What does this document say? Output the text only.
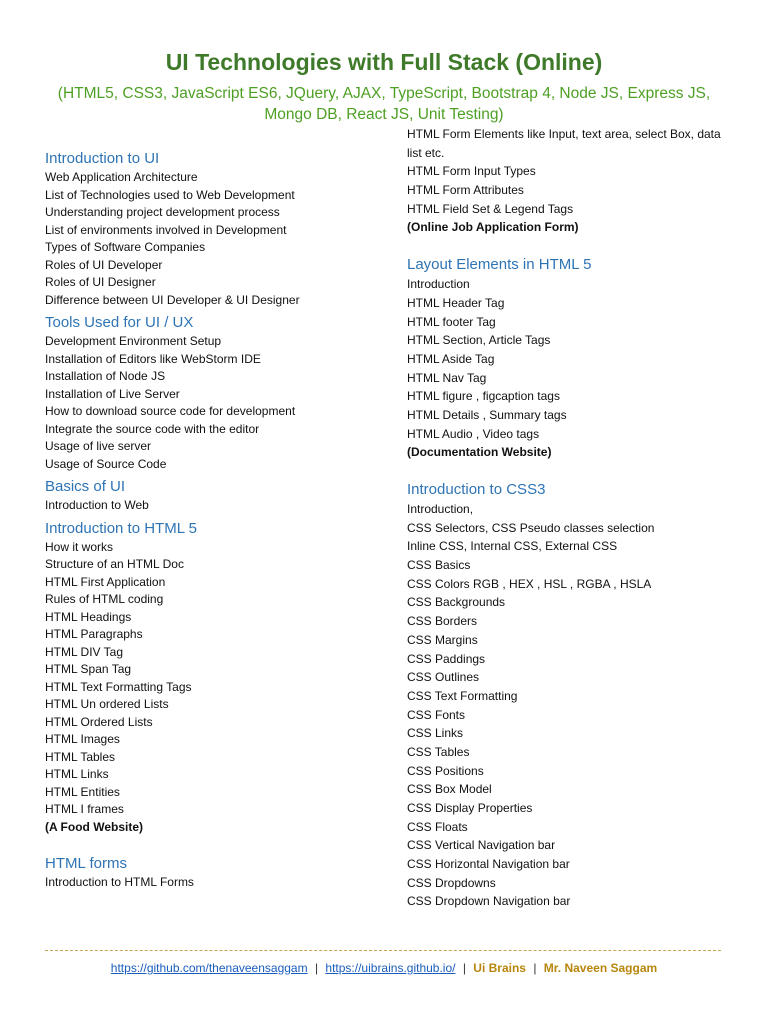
UI Technologies with Full Stack (Online)
(HTML5, CSS3, JavaScript ES6, JQuery, AJAX, TypeScript, Bootstrap 4, Node JS, Express JS, Mongo DB, React JS, Unit Testing)
Introduction to UI
Web Application Architecture
List of Technologies used to Web Development
Understanding project development process
List of environments involved in Development
Types of Software Companies
Roles of UI Developer
Roles of UI Designer
Difference between UI Developer & UI Designer
Tools Used for UI / UX
Development Environment Setup
Installation of Editors like WebStorm IDE
Installation of Node JS
Installation of Live Server
How to download source code for development
Integrate the source code with the editor
Usage of live server
Usage of Source Code
Basics of UI
Introduction to Web
Introduction to HTML 5
How it works
Structure of an HTML Doc
HTML First Application
Rules of HTML coding
HTML Headings
HTML Paragraphs
HTML DIV Tag
HTML Span Tag
HTML Text Formatting Tags
HTML Un ordered Lists
HTML Ordered Lists
HTML Images
HTML Tables
HTML Links
HTML Entities
HTML I frames
(A Food Website)
HTML forms
Introduction to HTML Forms
HTML Form Elements like Input, text area, select Box, data list etc.
HTML Form Input Types
HTML Form Attributes
HTML Field Set & Legend Tags
(Online Job Application Form)
Layout Elements in HTML 5
Introduction
HTML Header Tag
HTML footer Tag
HTML Section, Article Tags
HTML Aside Tag
HTML Nav Tag
HTML figure , figcaption tags
HTML Details , Summary tags
HTML Audio , Video tags
(Documentation Website)
Introduction to CSS3
Introduction,
CSS Selectors, CSS Pseudo classes selection
Inline CSS, Internal CSS, External CSS
CSS Basics
CSS Colors RGB , HEX , HSL , RGBA , HSLA
CSS Backgrounds
CSS Borders
CSS Margins
CSS Paddings
CSS Outlines
CSS Text Formatting
CSS Fonts
CSS Links
CSS Tables
CSS Positions
CSS Box Model
CSS Display Properties
CSS Floats
CSS Vertical Navigation bar
CSS Horizontal Navigation bar
CSS Dropdowns
CSS Dropdown Navigation bar
https://github.com/thenaveensaggam | https://uibrains.github.io/ | Ui Brains | Mr. Naveen Saggam
